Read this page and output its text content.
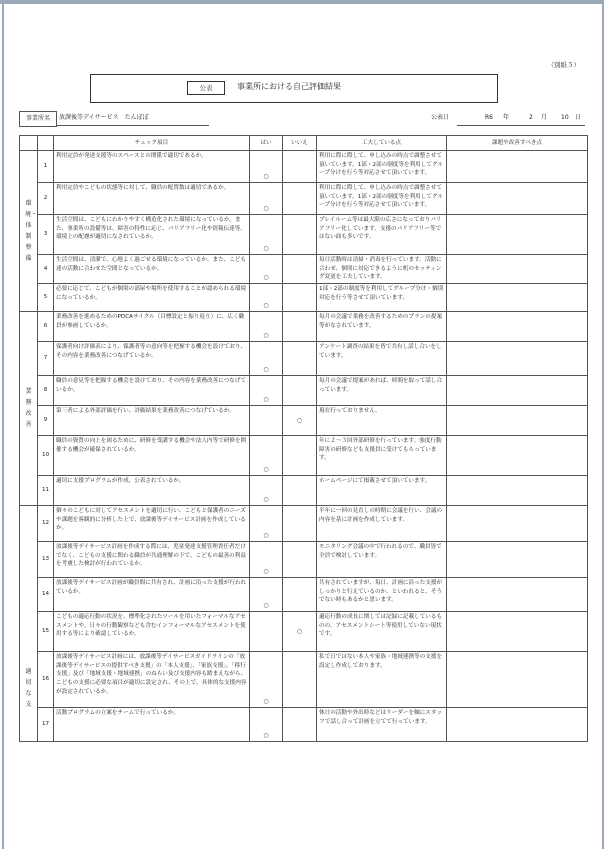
（別紙５）
公表	事業所における自己評価結果
事業所名	放課後等デイサービス　たんぽぽ	公表日	R6 年	2 月 10 日
		チェック項目	はい	いいえ	工夫している点	課題や改善すべき点

環境・体制整備	1	利用定員が発達支援等のスペースとの関係で適切であるか。	○		利用に際に際して、申し込みの時点で調整させて頂いています。1部・2部の制度等を利用してグループ分けを行う等対応させて頂いています。	
	2	利用定員やこどもの状態等に対して、職員の配置数は適切であるか。	○		利用に際に際して、申し込みの時点で調整させて頂いています。1部・2部の制度等を利用してグループ分けを行う等対応させて頂いています。	
	3	生活空間は、こどもにわかりやすく構造化された環境になっているか。また、事業所の設備等は、障害の特性に応じ、バリアフリー化や情報伝達等、環境上の配慮が適切になされているか。	○		プレイルーム等は最大限の広さになっておりバリアフリー化しています。支援のバリアフリー等ではない面も多いです。	
	4	生活空間は、清潔で、心地よく過ごせる環境になっているか。また、こども達の活動に合わせた空間となっているか。	○		毎日活動時は清掃・消毒を行っています。活動に合わせ、個別に対応できるように机のセッティング変更を工夫しています。	
	5	必要に応じて、こどもが個別の部屋や場所を使用することが認められる環境になっているか。	○		1部・2部の制度等を利用してグループ分け・個別対応を行う等させて頂いています。	

業務改善	6	業務改善を進めるためのPDCAサイクル（目標設定と振り返り）に、広く職員が参画しているか。	○		毎月の会議で業務を改善するためのプランの提案等がなされています。	
	7	保護者向け評価表により、保護者等の意向等を把握する機会を設けており、その内容を業務改善につなげているか。	○		アンケート調査の結果を皆で共有し話し合いをしています。	
	8	職員の意見等を把握する機会を設けており、その内容を業務改善につなげているか。	○		毎月の会議で提案があれば、時間を取って話し合っています。	
	9	第三者による外部評価を行い、評価結果を業務改善につなげているか。		○	現在行っておりません。	
	10	職員の資質の向上を図るために、研修を受講する機会や法人内等で研修を開催する機会が確保されているか。	○		年に２～３回外部研修を行っています。強度行動障害の研修なども支援員に受けてもらっています。	
	11	適切に支援プログラムが作成、公表されているか。	○		ホームページにて掲載させて頂いています。	

適切な支	12	個々のこどもに対してアセスメントを適切に行い、こどもと保護者のニーズや課題を客観的に分析した上で、放課後等デイサービス計画を作成しているか。	○		半年に一回の見直しの時期に会議を行い、会議の内容を基に計画を作成しています。	
	13	放課後等デイサービス計画を作成する際には、児童発達支援管理責任者だけでなく、こどもの支援に関わる職員が共通理解の下で、こどもの最善の利益を考慮した検討が行われているか。	○		モニタリング会議の中で行われるので、職員皆で全員で検討しています。	
	14	放課後等デイサービス計画が職員間に共有され、計画に沿った支援が行われているか。	○		共有されていますが、毎日、計画に沿った支援がしっかりと行えているのか、といわれると、そうでない時もあるかと思います。	
	15	こどもの適応行動の状況を、標準化されたツールを用いたフォーマルなアセスメントや、日々の行動観察なども含むインフォーマルなアセスメントを使用する等により確認しているか。		○	適応行動の成長に関しては記録に記載しているものの、アセスメントシート等使用していない現状です。	
	16	放課後等デイサービス計画には、放課後等デイサービスガイドラインの「放課後等デイサービスの提供すべき支援」の「本人支援」、「家族支援」、「移行支援」及び「地域支援・地域連携」のねらい及び支援内容も踏まえながら、こどもの支援に必要な項目が適切に設定され、その上で、具体的な支援内容が設定されているか。	○		私で日ではない本人や家族・地域連携等の支援を設定し作成しております。	
	17	活動プログラムの立案をチームで行っているか。	○		休日の活動や外出時などはリーダーを軸にスタッフで話し合って計画を立てて行っています。	
